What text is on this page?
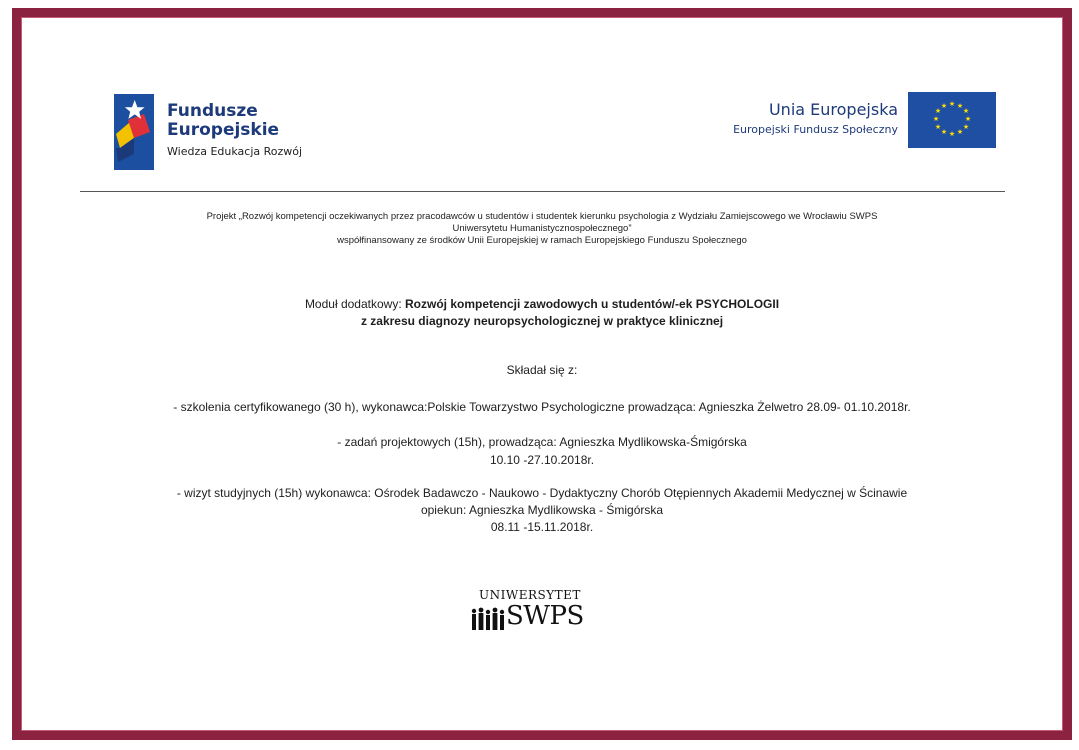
Fundusze
Europejskie
Wiedza Edukacja Rozwój
Unia Europejska
Europejski Fundusz Społeczny
★ ★
★
★
★
★
★
★
★
★
★
★
Projekt „Rozwój kompetencji oczekiwanych przez pracodawców u studentów i studentek kierunku psychologia z Wydziału Zamiejscowego we Wrocławiu SWPS
Uniwersytetu Humanistycznospołecznego”
współfinansowany ze środków Unii Europejskiej w ramach Europejskiego Funduszu Społecznego
Moduł dodatkowy: Rozwój kompetencji zawodowych u studentów/-ek PSYCHOLOGII
z zakresu diagnozy neuropsychologicznej w praktyce klinicznej
Składał się z:
- szkolenia certyfikowanego (30 h), wykonawca:Polskie Towarzystwo Psychologiczne prowadząca: Agnieszka Żelwetro 28.09- 01.10.2018r.
- zadań projektowych (15h), prowadząca: Agnieszka Mydlikowska-Śmigórska
10.10 -27.10.2018r.
- wizyt studyjnych (15h) wykonawca: Ośrodek Badawczo - Naukowo - Dydaktyczny Chorób Otępiennych Akademii Medycznej w Ścinawie
opiekun: Agnieszka Mydlikowska - Śmigórska
08.11 -15.11.2018r.
UNIWERSYTET
SWPS
